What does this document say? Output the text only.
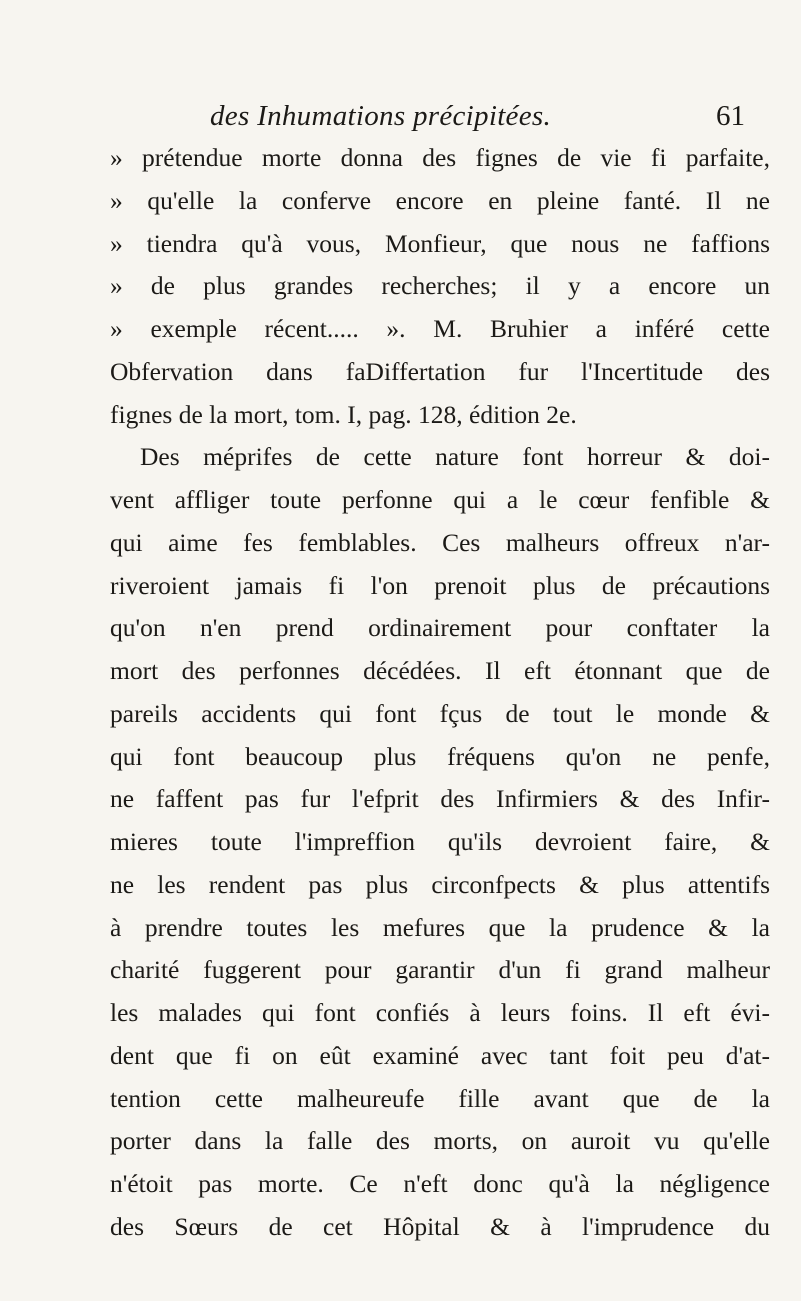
des Inhumations précipitées.	61
» prétendue morte donna des fignes de vie fi parfaite,
» qu'elle la conferve encore en pleine fanté. Il ne
» tiendra qu'à vous, Monfieur, que nous ne faffions
» de plus grandes recherches; il y a encore un
» exemple récent..... ». M. Bruhier a inféré cette
Obfervation dans faDiffertation fur l'Incertitude des
fignes de la mort, tom. I, pag. 128, édition 2e.
Des méprifes de cette nature font horreur & doi-
vent affliger toute perfonne qui a le cœur fenfible &
qui aime fes femblables. Ces malheurs offreux n'ar-
riveroient jamais fi l'on prenoit plus de précautions
qu'on n'en prend ordinairement pour conftater la
mort des perfonnes décédées. Il eft étonnant que de
pareils accidents qui font fçus de tout le monde &
qui font beaucoup plus fréquens qu'on ne penfe,
ne faffent pas fur l'efprit des Infirmiers & des Infir-
mieres toute l'impreffion qu'ils devroient faire, &
ne les rendent pas plus circonfpects & plus attentifs
à prendre toutes les mefures que la prudence & la
charité fuggerent pour garantir d'un fi grand malheur
les malades qui font confiés à leurs foins. Il eft évi-
dent que fi on eût examiné avec tant foit peu d'at-
tention cette malheureufe fille avant que de la
porter dans la falle des morts, on auroit vu qu'elle
n'étoit pas morte. Ce n'eft donc qu'à la négligence
des Sœurs de cet Hôpital & à l'imprudence du
